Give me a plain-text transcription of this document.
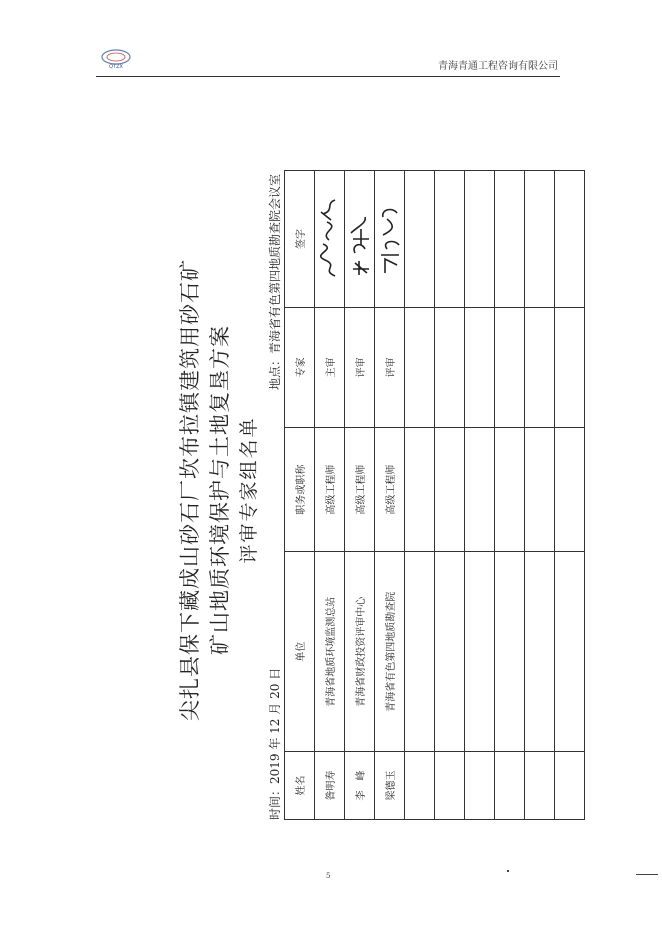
QTZX	青海青通工程咨询有限公司
尖扎县保下藏成山砂石厂坎布拉镇建筑用砂石矿 矿山地质环境保护与土地复垦方案 评审专家组名单
时间：2019 年 12 月 20 日
地点：青海省有色第四地质勘查院会议室
姓名	单位	职务或职称	专家	签字
昝明寿	青海省地质环境监测总站	高级工程师	主审	

李　峰	青海省财政投资评审中心	高级工程师	评审	

梁德玉	青海省有色第四地质勘查院	高级工程师	评审	

5
